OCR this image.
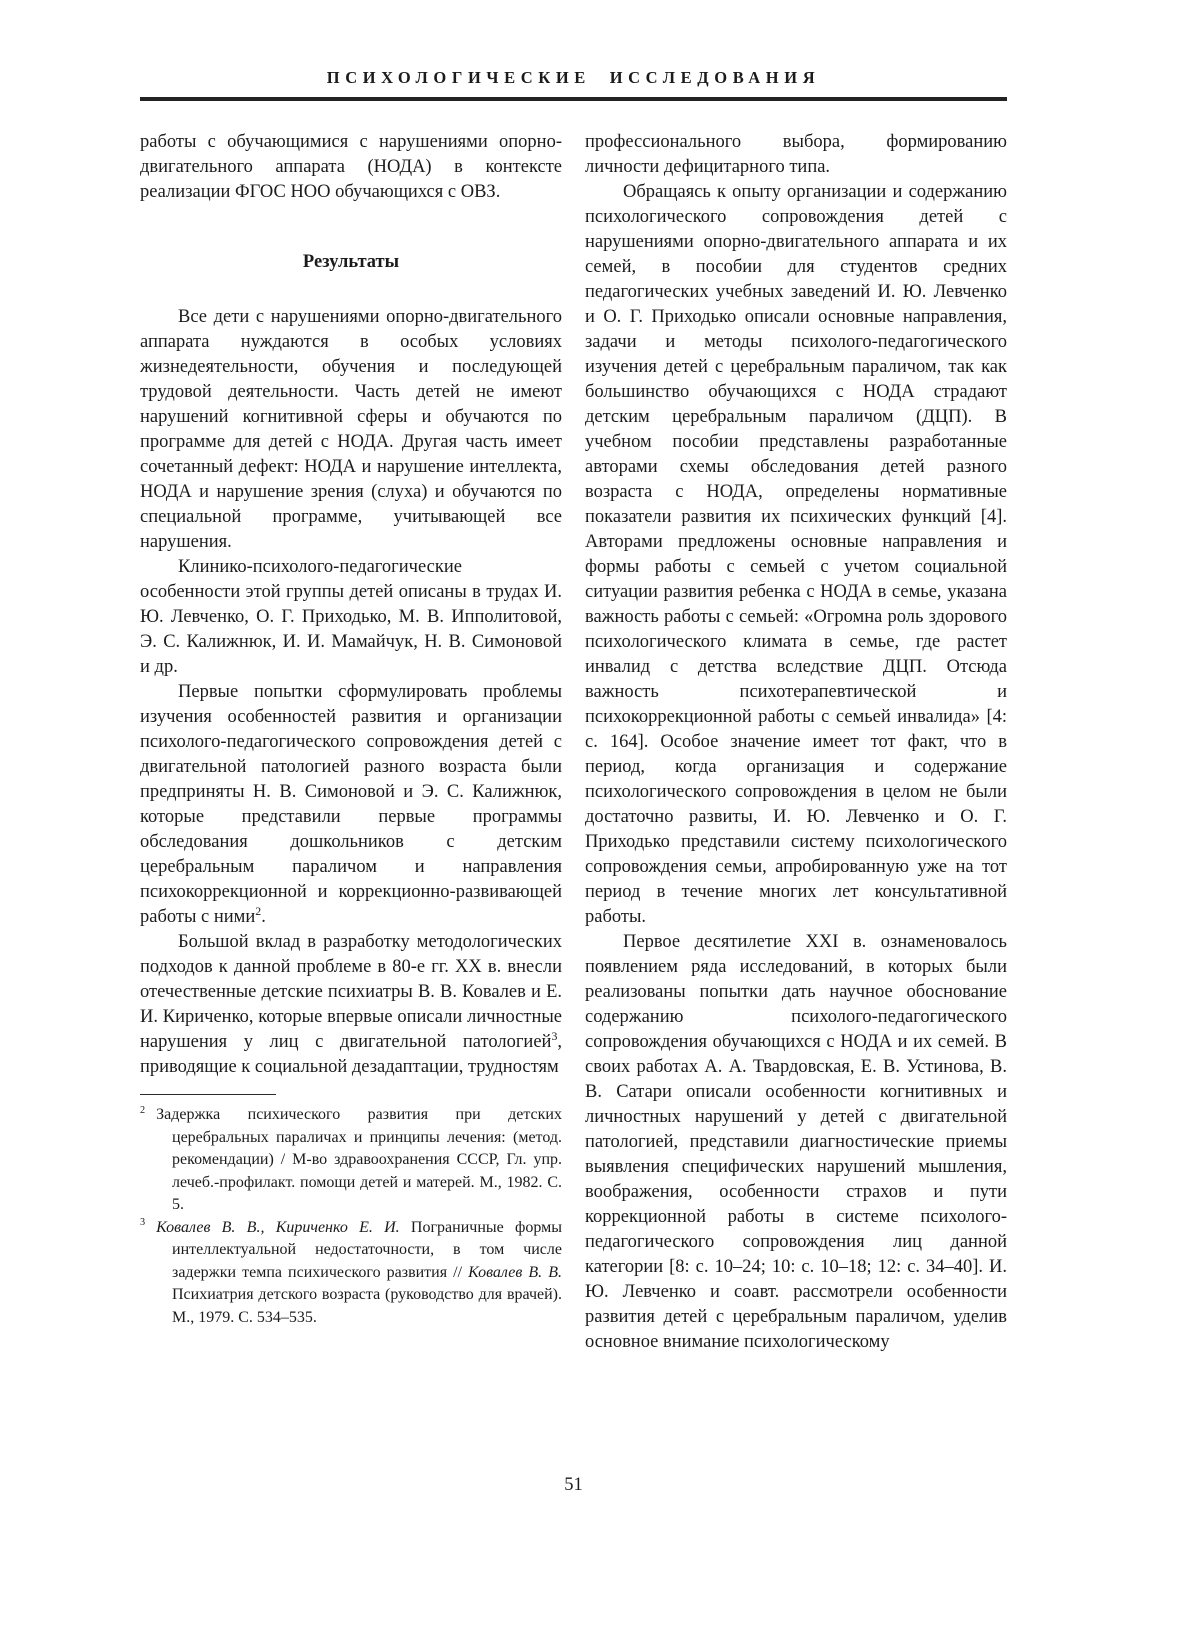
ПСИХОЛОГИЧЕСКИЕ ИССЛЕДОВАНИЯ

работы с обучающимися с нарушениями опорно-двигательного аппарата (НОДА) в контексте реализации ФГОС НОО обучающихся с ОВЗ.

Результаты

Все дети с нарушениями опорно-двигательного аппарата нуждаются в особых условиях жизнедеятельности, обучения и последующей трудовой деятельности. Часть детей не имеют нарушений когнитивной сферы и обучаются по программе для детей с НОДА. Другая часть имеет сочетанный дефект: НОДА и нарушение интеллекта, НОДА и нарушение зрения (слуха) и обучаются по специальной программе, учитывающей все нарушения.

Клинико-психолого-педагогические особенности этой группы детей описаны в трудах И. Ю. Левченко, О. Г. Приходько, М. В. Ипполитовой, Э. С. Калижнюк, И. И. Мамайчук, Н. В. Симоновой и др.

Первые попытки сформулировать проблемы изучения особенностей развития и организации психолого-педагогического сопровождения детей с двигательной патологией разного возраста были предприняты Н. В. Симоновой и Э. С. Калижнюк, которые представили первые программы обследования дошкольников с детским церебральным параличом и направления психокоррекционной и коррекционно-развивающей работы с ними$^2$.

Большой вклад в разработку методологических подходов к данной проблеме в 80-е гг. XX в. внесли отечественные детские психиатры В. В. Ковалев и Е. И. Кириченко, которые впервые описали личностные нарушения у лиц с двигательной патологией$^3$, приводящие к социальной дезадаптации, трудностям

$^2$ Задержка психического развития при детских церебральных параличах и принципы лечения: (метод. рекомендации) / М-во здравоохранения СССР, Гл. упр. лечеб.-профилакт. помощи детей и матерей. М., 1982. С. 5.
$^3$ Ковалев В. В., Кириченко Е. И. Пограничные формы интеллектуальной недостаточности, в том числе задержки темпа психического развития // Ковалев В. В. Психиатрия детского возраста (руководство для врачей). М., 1979. С. 534–535.

профессионального выбора, формированию личности дефицитарного типа.

Обращаясь к опыту организации и содержанию психологического сопровождения детей с нарушениями опорно-двигательного аппарата и их семей, в пособии для студентов средних педагогических учебных заведений И. Ю. Левченко и О. Г. Приходько описали основные направления, задачи и методы психолого-педагогического изучения детей с церебральным параличом, так как большинство обучающихся с НОДА страдают детским церебральным параличом (ДЦП). В учебном пособии представлены разработанные авторами схемы обследования детей разного возраста с НОДА, определены нормативные показатели развития их психических функций [4]. Авторами предложены основные направления и формы работы с семьей с учетом социальной ситуации развития ребенка с НОДА в семье, указана важность работы с семьей: «Огромна роль здорового психологического климата в семье, где растет инвалид с детства вследствие ДЦП. Отсюда важность психотерапевтической и психокоррекционной работы с семьей инвалида» [4: с. 164]. Особое значение имеет тот факт, что в период, когда организация и содержание психологического сопровождения в целом не были достаточно развиты, И. Ю. Левченко и О. Г. Приходько представили систему психологического сопровождения семьи, апробированную уже на тот период в течение многих лет консультативной работы.

Первое десятилетие XXI в. ознаменовалось появлением ряда исследований, в которых были реализованы попытки дать научное обоснование содержанию психолого-педагогического сопровождения обучающихся с НОДА и их семей. В своих работах А. А. Твардовская, Е. В. Устинова, В. В. Сатари описали особенности когнитивных и личностных нарушений у детей с двигательной патологией, представили диагностические приемы выявления специфических нарушений мышления, воображения, особенности страхов и пути коррекционной работы в системе психолого-педагогического сопровождения лиц данной категории [8: с. 10–24; 10: с. 10–18; 12: с. 34–40]. И. Ю. Левченко и соавт. рассмотрели особенности развития детей с церебральным параличом, уделив основное внимание психологическому

51
